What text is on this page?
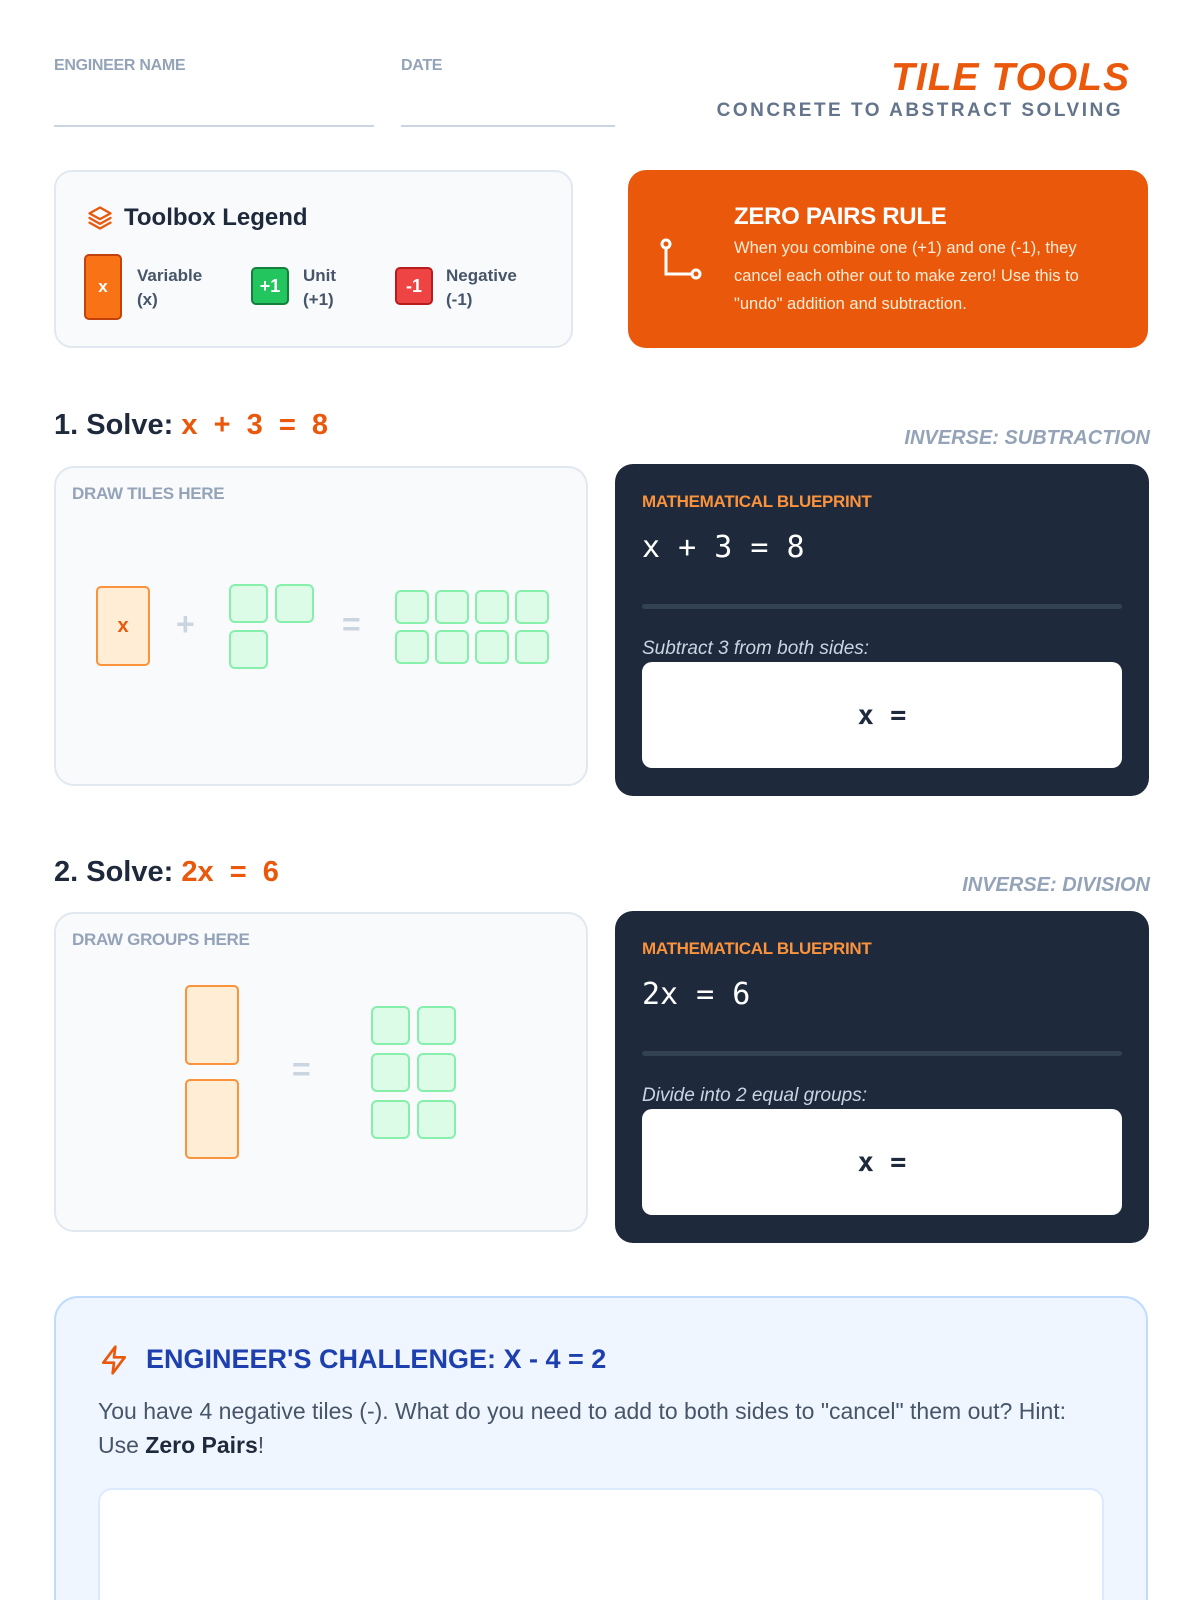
ENGINEER NAME	DATE	TILE TOOLS
CONCRETE TO ABSTRACT SOLVING
Toolbox Legend
x
Variable
(x)
+1	Unit
(+1)
-1	Negative
(-1)
ZERO PAIRS RULE
When you combine one (+1) and one (-1), they cancel each other out to make zero! Use this to "undo" addition and subtraction.
1. Solve: x  +  3  =  8	INVERSE: SUBTRACTION
DRAW TILES HERE
x	+	=
MATHEMATICAL BLUEPRINT
x + 3 = 8
Subtract 3 from both sides:
x =
2. Solve: 2x  =  6	INVERSE: DIVISION
DRAW GROUPS HERE
=
MATHEMATICAL BLUEPRINT
2x = 6
Divide into 2 equal groups:
x =
ENGINEER'S CHALLENGE: X - 4 = 2
You have 4 negative tiles (-). What do you need to add to both sides to "cancel" them out? Hint: Use Zero Pairs!
